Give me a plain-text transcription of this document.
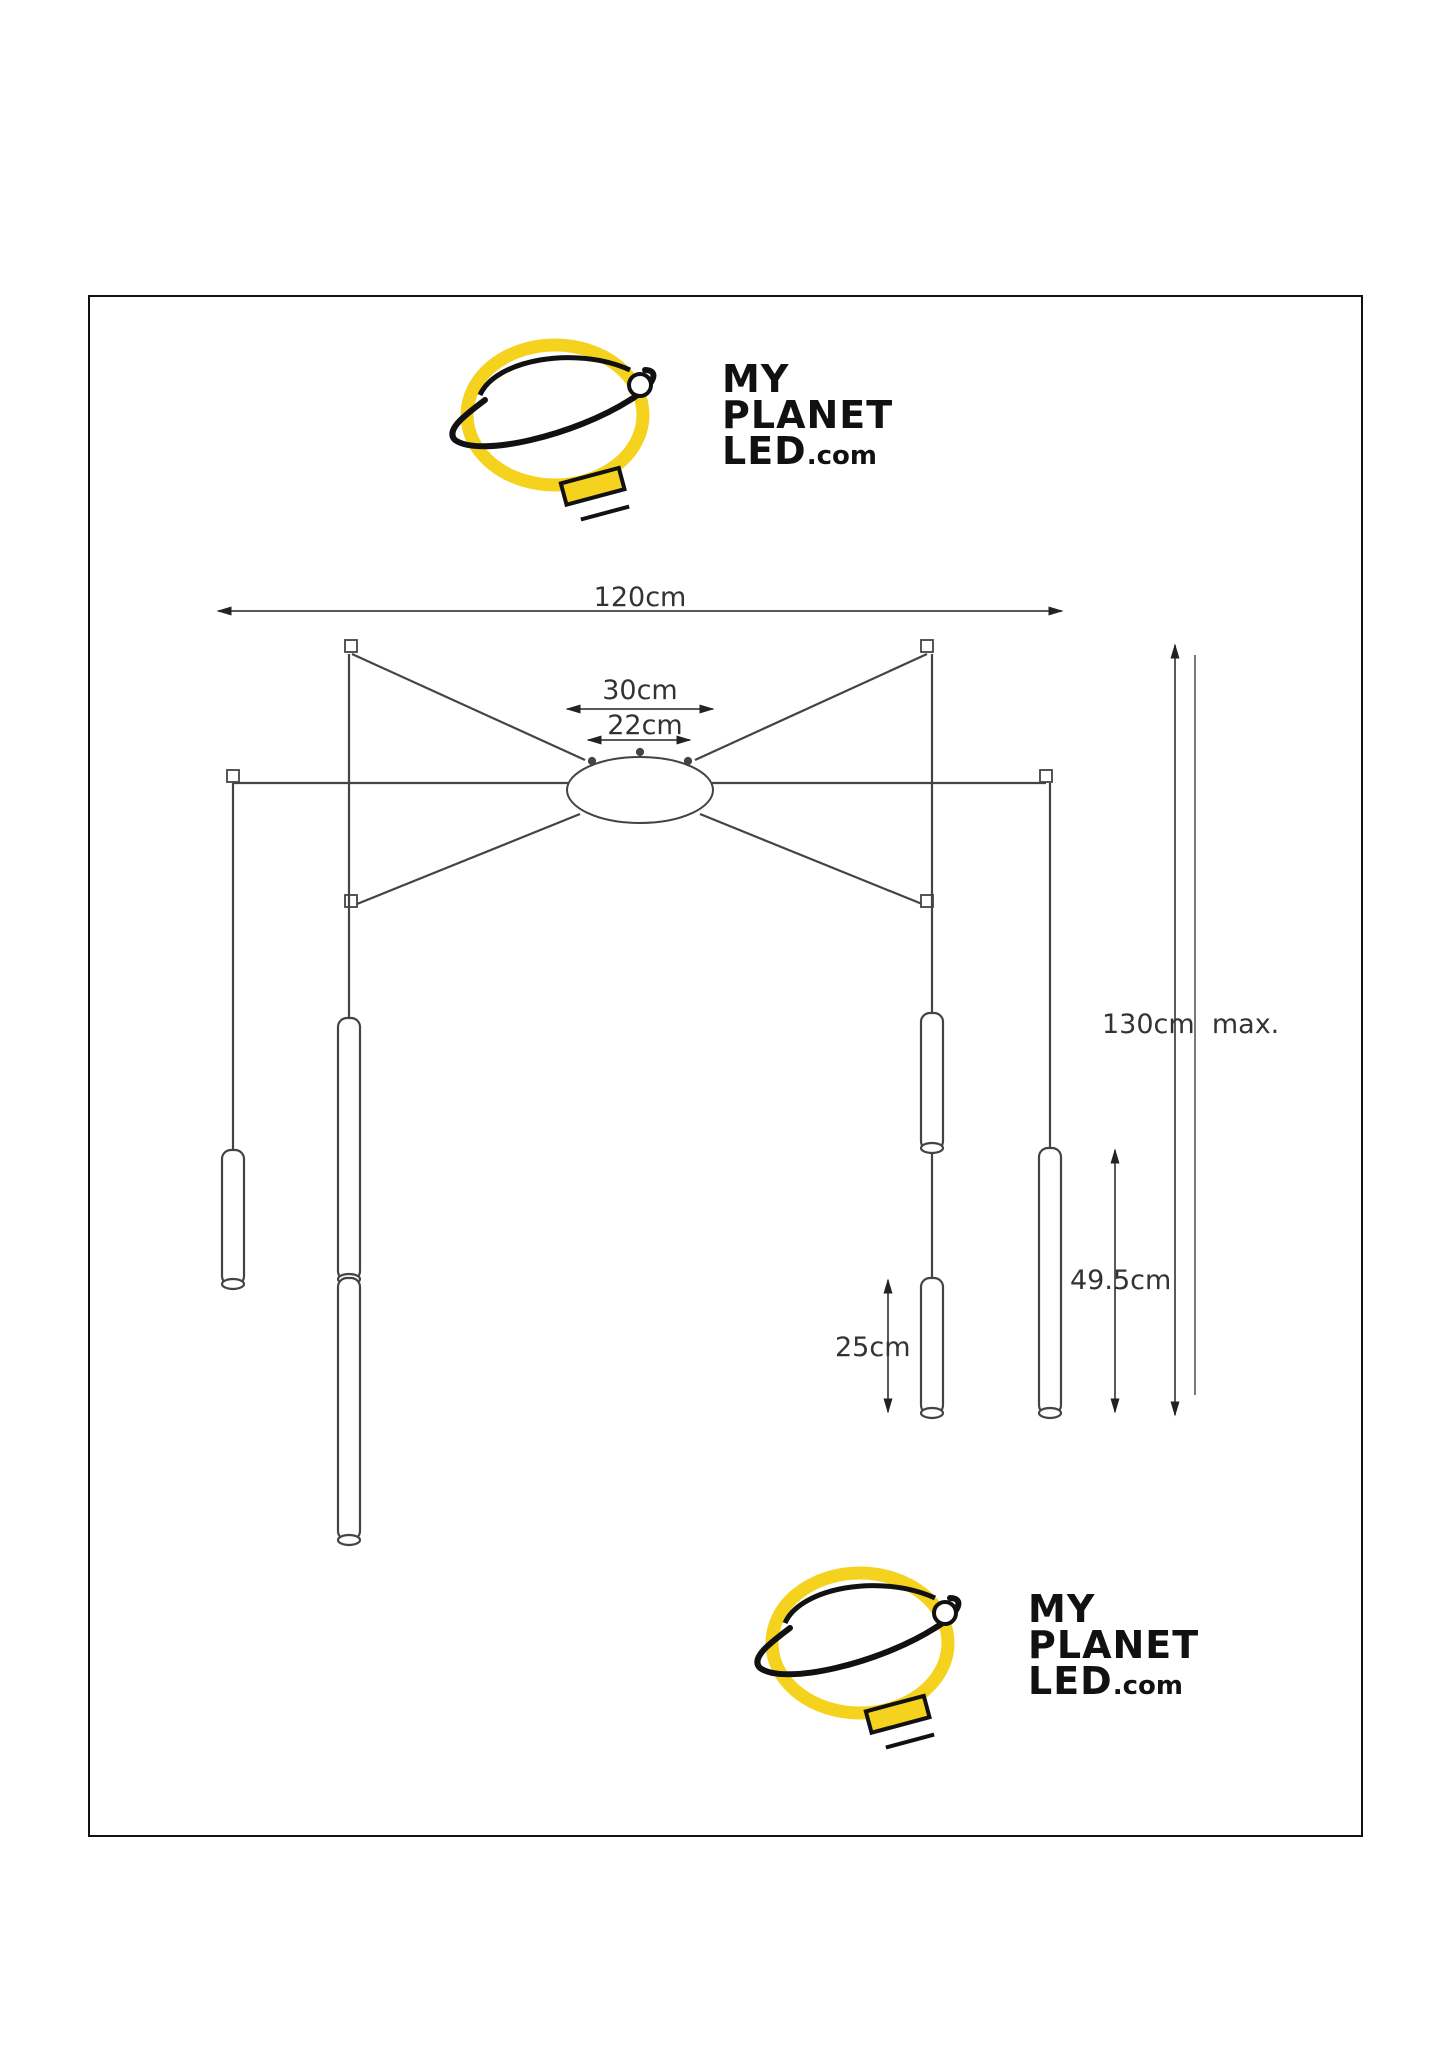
MY
PLANET
LED.com
MY
PLANET
LED.com
120cm
30cm
22cm
130cm  max.
49.5cm
25cm
